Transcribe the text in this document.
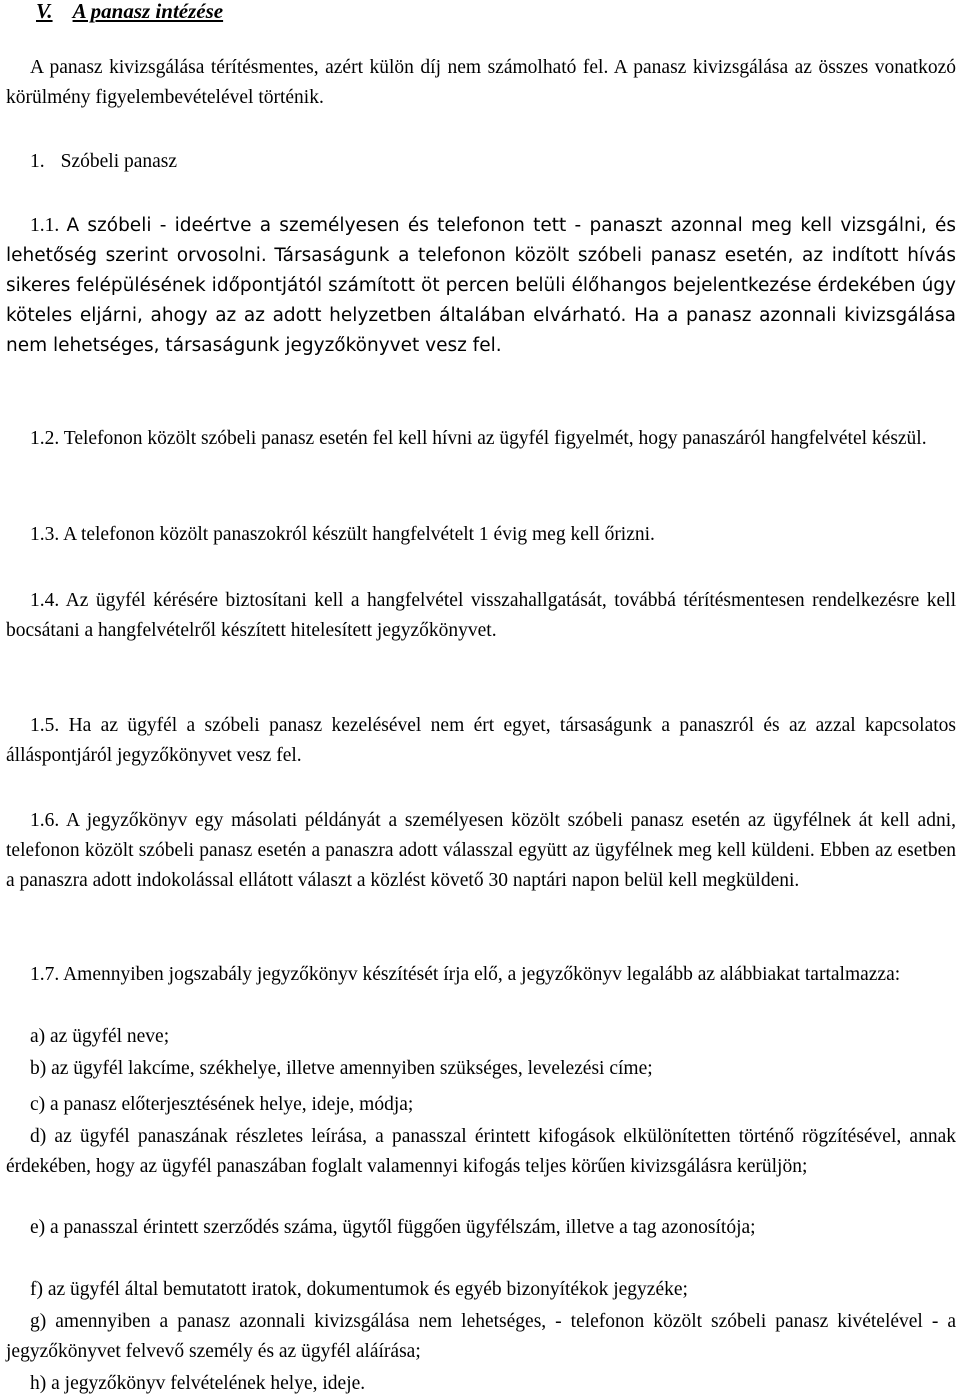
V. A panasz intézése

A panasz kivizsgálása térítésmentes, azért külön díj nem számolható fel. A panasz kivizsgálása az összes vonatkozó körülmény figyelembevételével történik.

1. Szóbeli panasz

1.1. A szóbeli - ideértve a személyesen és telefonon tett - panaszt azonnal meg kell vizsgálni, és lehetőség szerint orvosolni. Társaságunk a telefonon közölt szóbeli panasz esetén, az indított hívás sikeres felépülésének időpontjától számított öt percen belüli élőhangos bejelentkezése érdekében úgy köteles eljárni, ahogy az az adott helyzetben általában elvárható. Ha a panasz azonnali kivizsgálása nem lehetséges, társaságunk jegyzőkönyvet vesz fel.

1.2. Telefonon közölt szóbeli panasz esetén fel kell hívni az ügyfél figyelmét, hogy panaszáról hangfelvétel készül.

1.3. A telefonon közölt panaszokról készült hangfelvételt 1 évig meg kell őrizni.

1.4. Az ügyfél kérésére biztosítani kell a hangfelvétel visszahallgatását, továbbá térítésmentesen rendelkezésre kell bocsátani a hangfelvételről készített hitelesített jegyzőkönyvet.

1.5. Ha az ügyfél a szóbeli panasz kezelésével nem ért egyet, társaságunk a panaszról és az azzal kapcsolatos álláspontjáról jegyzőkönyvet vesz fel.

1.6. A jegyzőkönyv egy másolati példányát a személyesen közölt szóbeli panasz esetén az ügyfélnek át kell adni, telefonon közölt szóbeli panasz esetén a panaszra adott válasszal együtt az ügyfélnek meg kell küldeni. Ebben az esetben a panaszra adott indokolással ellátott választ a közlést követő 30 naptári napon belül kell megküldeni.

1.7. Amennyiben jogszabály jegyzőkönyv készítését írja elő, a jegyzőkönyv legalább az alábbiakat tartalmazza:

a) az ügyfél neve;

b) az ügyfél lakcíme, székhelye, illetve amennyiben szükséges, levelezési címe;

c) a panasz előterjesztésének helye, ideje, módja;

d) az ügyfél panaszának részletes leírása, a panasszal érintett kifogások elkülönítetten történő rögzítésével, annak érdekében, hogy az ügyfél panaszában foglalt valamennyi kifogás teljes körűen kivizsgálásra kerüljön;

e) a panasszal érintett szerződés száma, ügytől függően ügyfélszám, illetve a tag azonosítója;

f) az ügyfél által bemutatott iratok, dokumentumok és egyéb bizonyítékok jegyzéke;

g) amennyiben a panasz azonnali kivizsgálása nem lehetséges, - telefonon közölt szóbeli panasz kivételével - a jegyzőkönyvet felvevő személy és az ügyfél aláírása;

h) a jegyzőkönyv felvételének helye, ideje.
